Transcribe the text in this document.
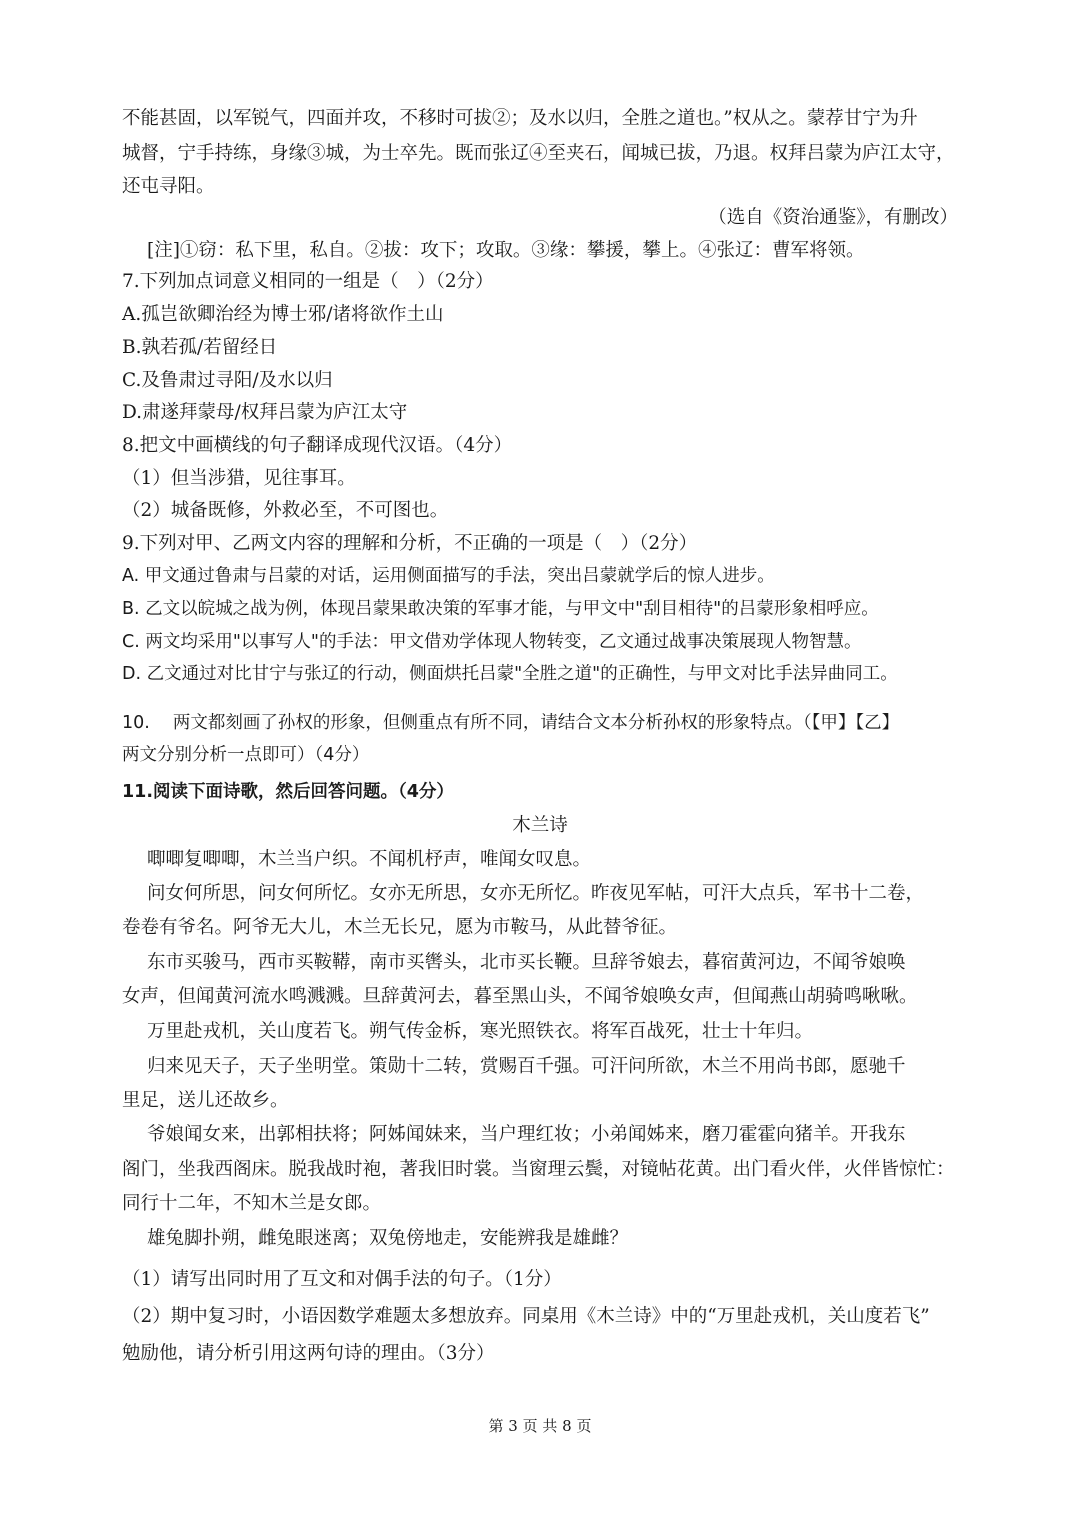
不能甚固，以军锐气，四面并攻，不移时可拔②；及水以归，全胜之道也。”权从之。蒙荐甘宁为升
城督，宁手持练，身缘③城，为士卒先。既而张辽④至夹石，闻城已拔，乃退。权拜吕蒙为庐江太守，
还屯寻阳。
（选自《资治通鉴》，有删改）
[注]①窃：私下里，私自。②拔：攻下；攻取。③缘：攀援，攀上。④张辽：曹军将领。
7.下列加点词意义相同的一组是（　）（2分）
A.孤岂欲卿治经为博士邪/诸将欲作土山
B.孰若孤/若留经日
C.及鲁肃过寻阳/及水以归
D.肃遂拜蒙母/权拜吕蒙为庐江太守
8.把文中画横线的句子翻译成现代汉语。（4分）
（1）但当涉猎，见往事耳。
（2）城备既修，外救必至，不可图也。
9.下列对甲、乙两文内容的理解和分析，不正确的一项是（　）（2分）
A. 甲文通过鲁肃与吕蒙的对话，运用侧面描写的手法，突出吕蒙就学后的惊人进步。
B. 乙文以皖城之战为例，体现吕蒙果敢决策的军事才能，与甲文中"刮目相待"的吕蒙形象相呼应。
C. 两文均采用"以事写人"的手法：甲文借劝学体现人物转变，乙文通过战事决策展现人物智慧。
D. 乙文通过对比甘宁与张辽的行动，侧面烘托吕蒙"全胜之道"的正确性，与甲文对比手法异曲同工。
10.　 两文都刻画了孙权的形象，但侧重点有所不同，请结合文本分析孙权的形象特点。（【甲】【乙】
两文分别分析一点即可）（4分）
11.阅读下面诗歌，然后回答问题。（4分）
木兰诗
唧唧复唧唧，木兰当户织。不闻机杼声，唯闻女叹息。
问女何所思，问女何所忆。女亦无所思，女亦无所忆。昨夜见军帖，可汗大点兵，军书十二卷，
卷卷有爷名。阿爷无大儿，木兰无长兄，愿为市鞍马，从此替爷征。
东市买骏马，西市买鞍鞯，南市买辔头，北市买长鞭。旦辞爷娘去，暮宿黄河边，不闻爷娘唤
女声，但闻黄河流水鸣溅溅。旦辞黄河去，暮至黑山头，不闻爷娘唤女声，但闻燕山胡骑鸣啾啾。
万里赴戎机，关山度若飞。朔气传金柝，寒光照铁衣。将军百战死，壮士十年归。
归来见天子，天子坐明堂。策勋十二转，赏赐百千强。可汗问所欲，木兰不用尚书郎，愿驰千
里足，送儿还故乡。
爷娘闻女来，出郭相扶将；阿姊闻妹来，当户理红妆；小弟闻姊来，磨刀霍霍向猪羊。开我东
阁门，坐我西阁床。脱我战时袍，著我旧时裳。当窗理云鬓，对镜帖花黄。出门看火伴，火伴皆惊忙：
同行十二年，不知木兰是女郎。
雄兔脚扑朔，雌兔眼迷离；双兔傍地走，安能辨我是雄雌？
（1）请写出同时用了互文和对偶手法的句子。（1分）
（2）期中复习时，小语因数学难题太多想放弃。同桌用《木兰诗》中的“万里赴戎机，关山度若飞”
勉励他，请分析引用这两句诗的理由。（3分）
第 3 页 共 8 页
